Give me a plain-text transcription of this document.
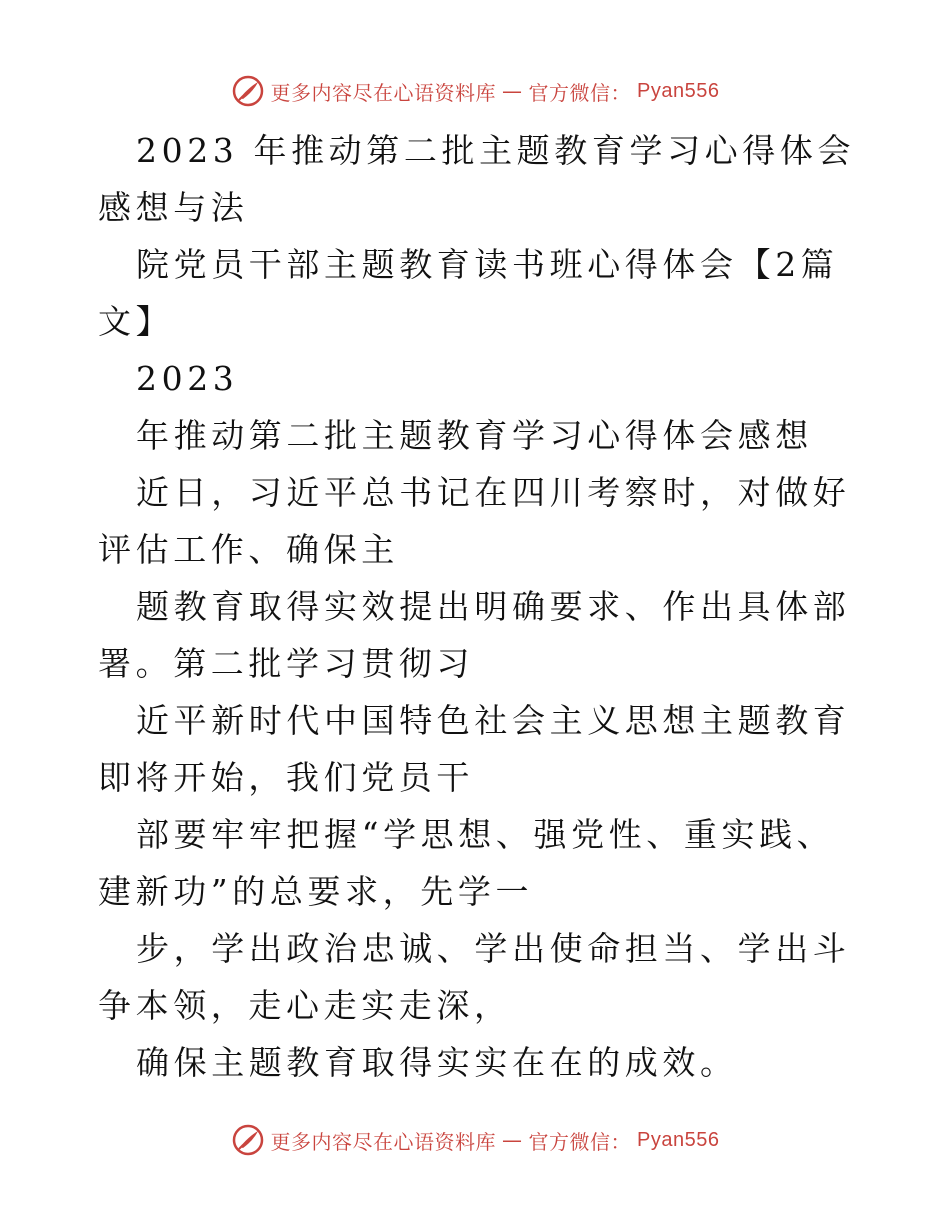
更多内容尽在心语资料库 — 官方微信： Pyan556

2023 年推动第二批主题教育学习心得体会感想与法

院党员干部主题教育读书班心得体会【2篇文】

2023

年推动第二批主题教育学习心得体会感想

近日，习近平总书记在四川考察时，对做好评估工作、确保主

题教育取得实效提出明确要求、作出具体部署。第二批学习贯彻习

近平新时代中国特色社会主义思想主题教育即将开始，我们党员干

部要牢牢把握“学思想、强党性、重实践、建新功”的总要求，先学一

步，学出政治忠诚、学出使命担当、学出斗争本领，走心走实走深，

确保主题教育取得实实在在的成效。

更多内容尽在心语资料库 — 官方微信： Pyan556
